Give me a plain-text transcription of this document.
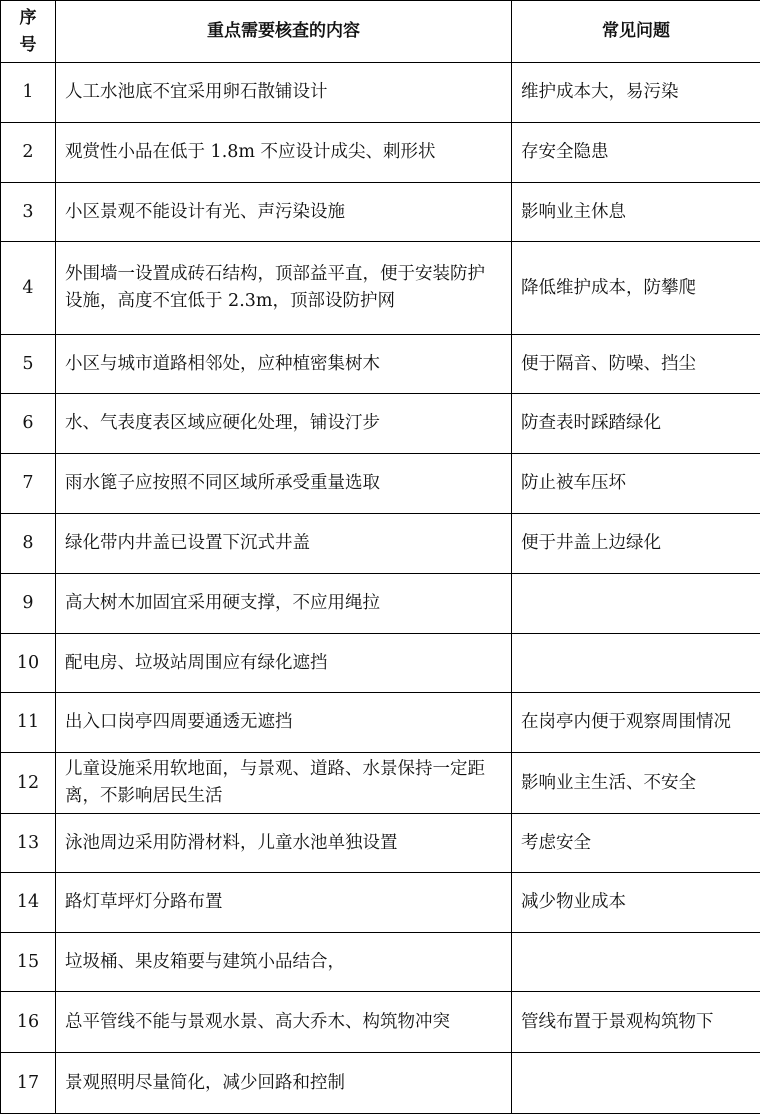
序
号	重点需要核查的内容	常见问题
1	人工水池底不宜采用卵石散铺设计	维护成本大，易污染
2	观赏性小品在低于 1.8m 不应设计成尖、刺形状	存安全隐患
3	小区景观不能设计有光、声污染设施	影响业主休息
4	外围墙一设置成砖石结构，顶部益平直，便于安装防护设施，高度不宜低于 2.3m，顶部设防护网	降低维护成本，防攀爬
5	小区与城市道路相邻处，应种植密集树木	便于隔音、防噪、挡尘
6	水、气表度表区域应硬化处理，铺设汀步	防查表时踩踏绿化
7	雨水篦子应按照不同区域所承受重量选取	防止被车压坏
8	绿化带内井盖已设置下沉式井盖	便于井盖上边绿化
9	高大树木加固宜采用硬支撑，不应用绳拉	
10	配电房、垃圾站周围应有绿化遮挡	
11	出入口岗亭四周要通透无遮挡	在岗亭内便于观察周围情况
12	儿童设施采用软地面，与景观、道路、水景保持一定距离，不影响居民生活	影响业主生活、不安全
13	泳池周边采用防滑材料，儿童水池单独设置	考虑安全
14	路灯草坪灯分路布置	减少物业成本
15	垃圾桶、果皮箱要与建筑小品结合，	
16	总平管线不能与景观水景、高大乔木、构筑物冲突	管线布置于景观构筑物下
17	景观照明尽量简化，减少回路和控制	
